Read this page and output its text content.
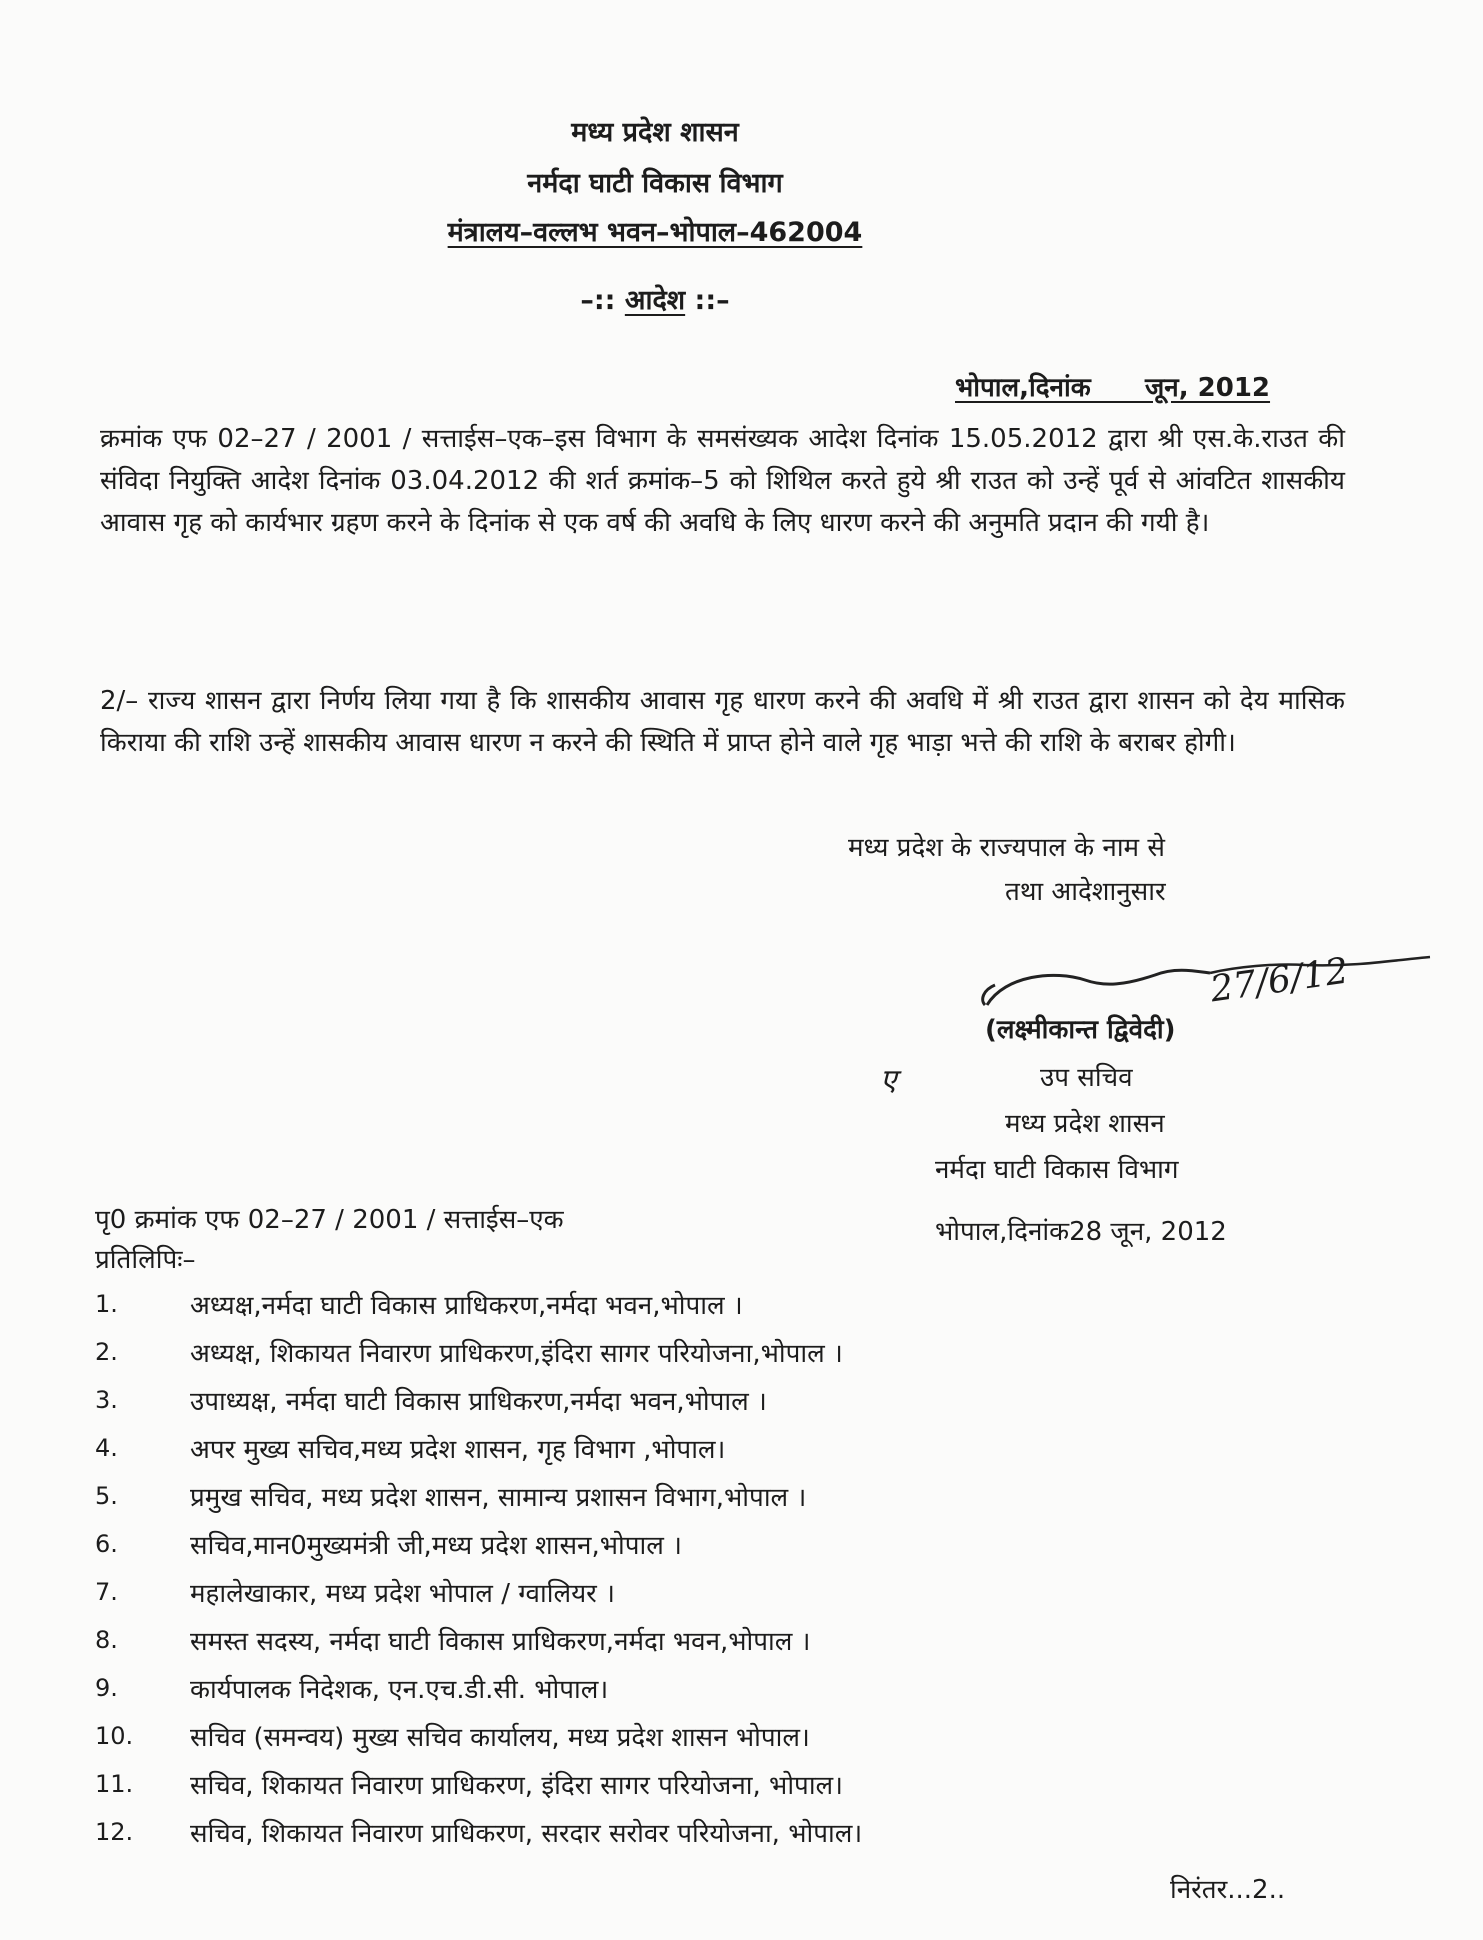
मध्य प्रदेश शासन
नर्मदा घाटी विकास विभाग
मंत्रालय–वल्लभ भवन–भोपाल–462004
–:: आदेश ::–
भोपाल,दिनांक      जून, 2012
क्रमांक एफ 02–27 / 2001 / सत्ताईस–एक–इस विभाग के समसंख्यक आदेश दिनांक 15.05.2012 द्वारा श्री एस.के.राउत की संविदा नियुक्ति आदेश दिनांक 03.04.2012 की शर्त क्रमांक–5 को शिथिल करते हुये श्री राउत को उन्हें पूर्व से आंवटित शासकीय आवास गृह को कार्यभार ग्रहण करने के दिनांक से एक वर्ष की अवधि के लिए धारण करने की अनुमति प्रदान की गयी है।
2/– राज्य शासन द्वारा निर्णय लिया गया है कि शासकीय आवास गृह धारण करने की अवधि में श्री राउत द्वारा शासन को देय मासिक किराया की राशि उन्हें शासकीय आवास धारण न करने की स्थिति में प्राप्त होने वाले गृह भाड़ा भत्ते की राशि के बराबर होगी।
मध्य प्रदेश के राज्यपाल के नाम से
तथा आदेशानुसार
27/6/12
(लक्ष्मीकान्त द्विवेदी)
ए	उप सचिव
मध्य प्रदेश शासन
नर्मदा घाटी विकास विभाग
पृ0 क्रमांक एफ 02–27 / 2001 / सत्ताईस–एक	भोपाल,दिनांक28 जून, 2012
प्रतिलिपिः–
1.	अध्यक्ष,नर्मदा घाटी विकास प्राधिकरण,नर्मदा भवन,भोपाल ।
2.	अध्यक्ष, शिकायत निवारण प्राधिकरण,इंदिरा सागर परियोजना,भोपाल ।
3.	उपाध्यक्ष, नर्मदा घाटी विकास प्राधिकरण,नर्मदा भवन,भोपाल ।
4.	अपर मुख्य सचिव,मध्य प्रदेश शासन, गृह विभाग ,भोपाल।
5.	प्रमुख सचिव, मध्य प्रदेश शासन, सामान्य प्रशासन विभाग,भोपाल ।
6.	सचिव,मान0मुख्यमंत्री जी,मध्य प्रदेश शासन,भोपाल ।
7.	महालेखाकार, मध्य प्रदेश भोपाल / ग्वालियर ।
8.	समस्त सदस्य, नर्मदा घाटी विकास प्राधिकरण,नर्मदा भवन,भोपाल ।
9.	कार्यपालक निदेशक, एन.एच.डी.सी. भोपाल।
10. सचिव (समन्वय) मुख्य सचिव कार्यालय, मध्य प्रदेश शासन भोपाल।
11. सचिव, शिकायत निवारण प्राधिकरण, इंदिरा सागर परियोजना, भोपाल।
12. सचिव, शिकायत निवारण प्राधिकरण, सरदार सरोवर परियोजना, भोपाल।
निरंतर...2..
